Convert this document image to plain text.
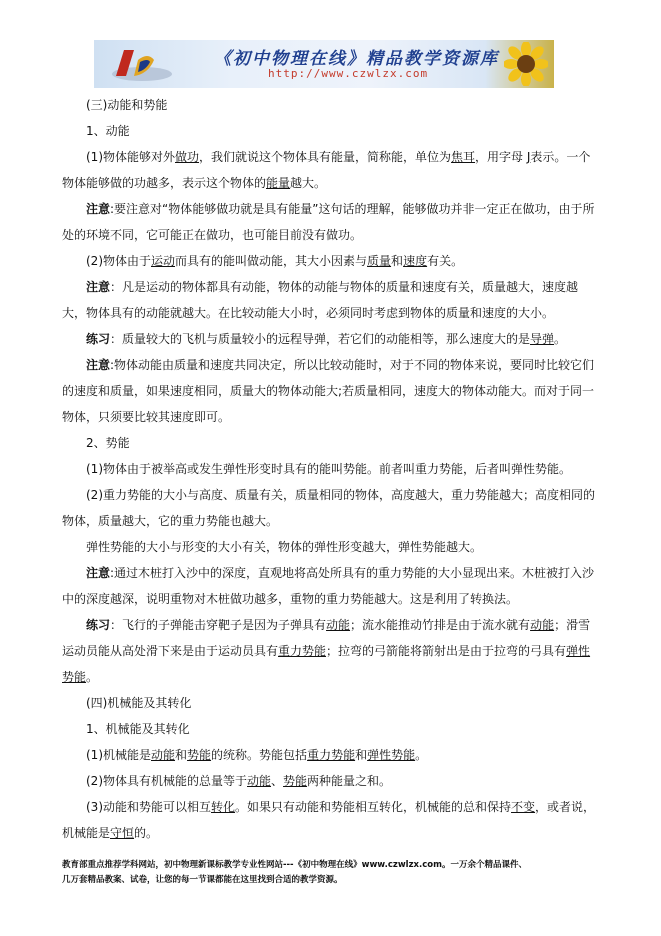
《初中物理在线》精品教学资源库
http://www.czwlzx.com

(三)动能和势能

1、动能

(1)物体能够对外做功，我们就说这个物体具有能量，简称能，单位为焦耳，用字母 J表示。一个物体能够做的功越多，表示这个物体的能量越大。

注意:要注意对“物体能够做功就是具有能量”这句话的理解，能够做功并非一定正在做功，由于所处的环境不同，它可能正在做功，也可能目前没有做功。

(2)物体由于运动而具有的能叫做动能，其大小因素与质量和速度有关。

注意：凡是运动的物体都具有动能，物体的动能与物体的质量和速度有关，质量越大，速度越大，物体具有的动能就越大。在比较动能大小时，必须同时考虑到物体的质量和速度的大小。

练习：质量较大的飞机与质量较小的远程导弹，若它们的动能相等，那么速度大的是导弹。

注意:物体动能由质量和速度共同决定，所以比较动能时，对于不同的物体来说，要同时比较它们的速度和质量，如果速度相同，质量大的物体动能大;若质量相同，速度大的物体动能大。而对于同一物体，只须要比较其速度即可。

2、势能

(1)物体由于被举高或发生弹性形变时具有的能叫势能。前者叫重力势能，后者叫弹性势能。

(2)重力势能的大小与高度、质量有关，质量相同的物体，高度越大，重力势能越大；高度相同的物体，质量越大，它的重力势能也越大。

弹性势能的大小与形变的大小有关，物体的弹性形变越大，弹性势能越大。

注意:通过木桩打入沙中的深度，直观地将高处所具有的重力势能的大小显现出来。木桩被打入沙中的深度越深，说明重物对木桩做功越多，重物的重力势能越大。这是利用了转换法。

练习：飞行的子弹能击穿靶子是因为子弹具有动能；流水能推动竹排是由于流水就有动能；滑雪运动员能从高处滑下来是由于运动员具有重力势能；拉弯的弓箭能将箭射出是由于拉弯的弓具有弹性势能。

(四)机械能及其转化

1、机械能及其转化

(1)机械能是动能和势能的统称。势能包括重力势能和弹性势能。

(2)物体具有机械能的总量等于动能、势能两种能量之和。

(3)动能和势能可以相互转化。如果只有动能和势能相互转化，机械能的总和保持不变，或者说，机械能是守恒的。

教育部重点推荐学科网站，初中物理新课标教学专业性网站---《初中物理在线》www.czwlzx.com。一万余个精品课件、
几万套精品教案、试卷，让您的每一节课都能在这里找到合适的教学资源。
